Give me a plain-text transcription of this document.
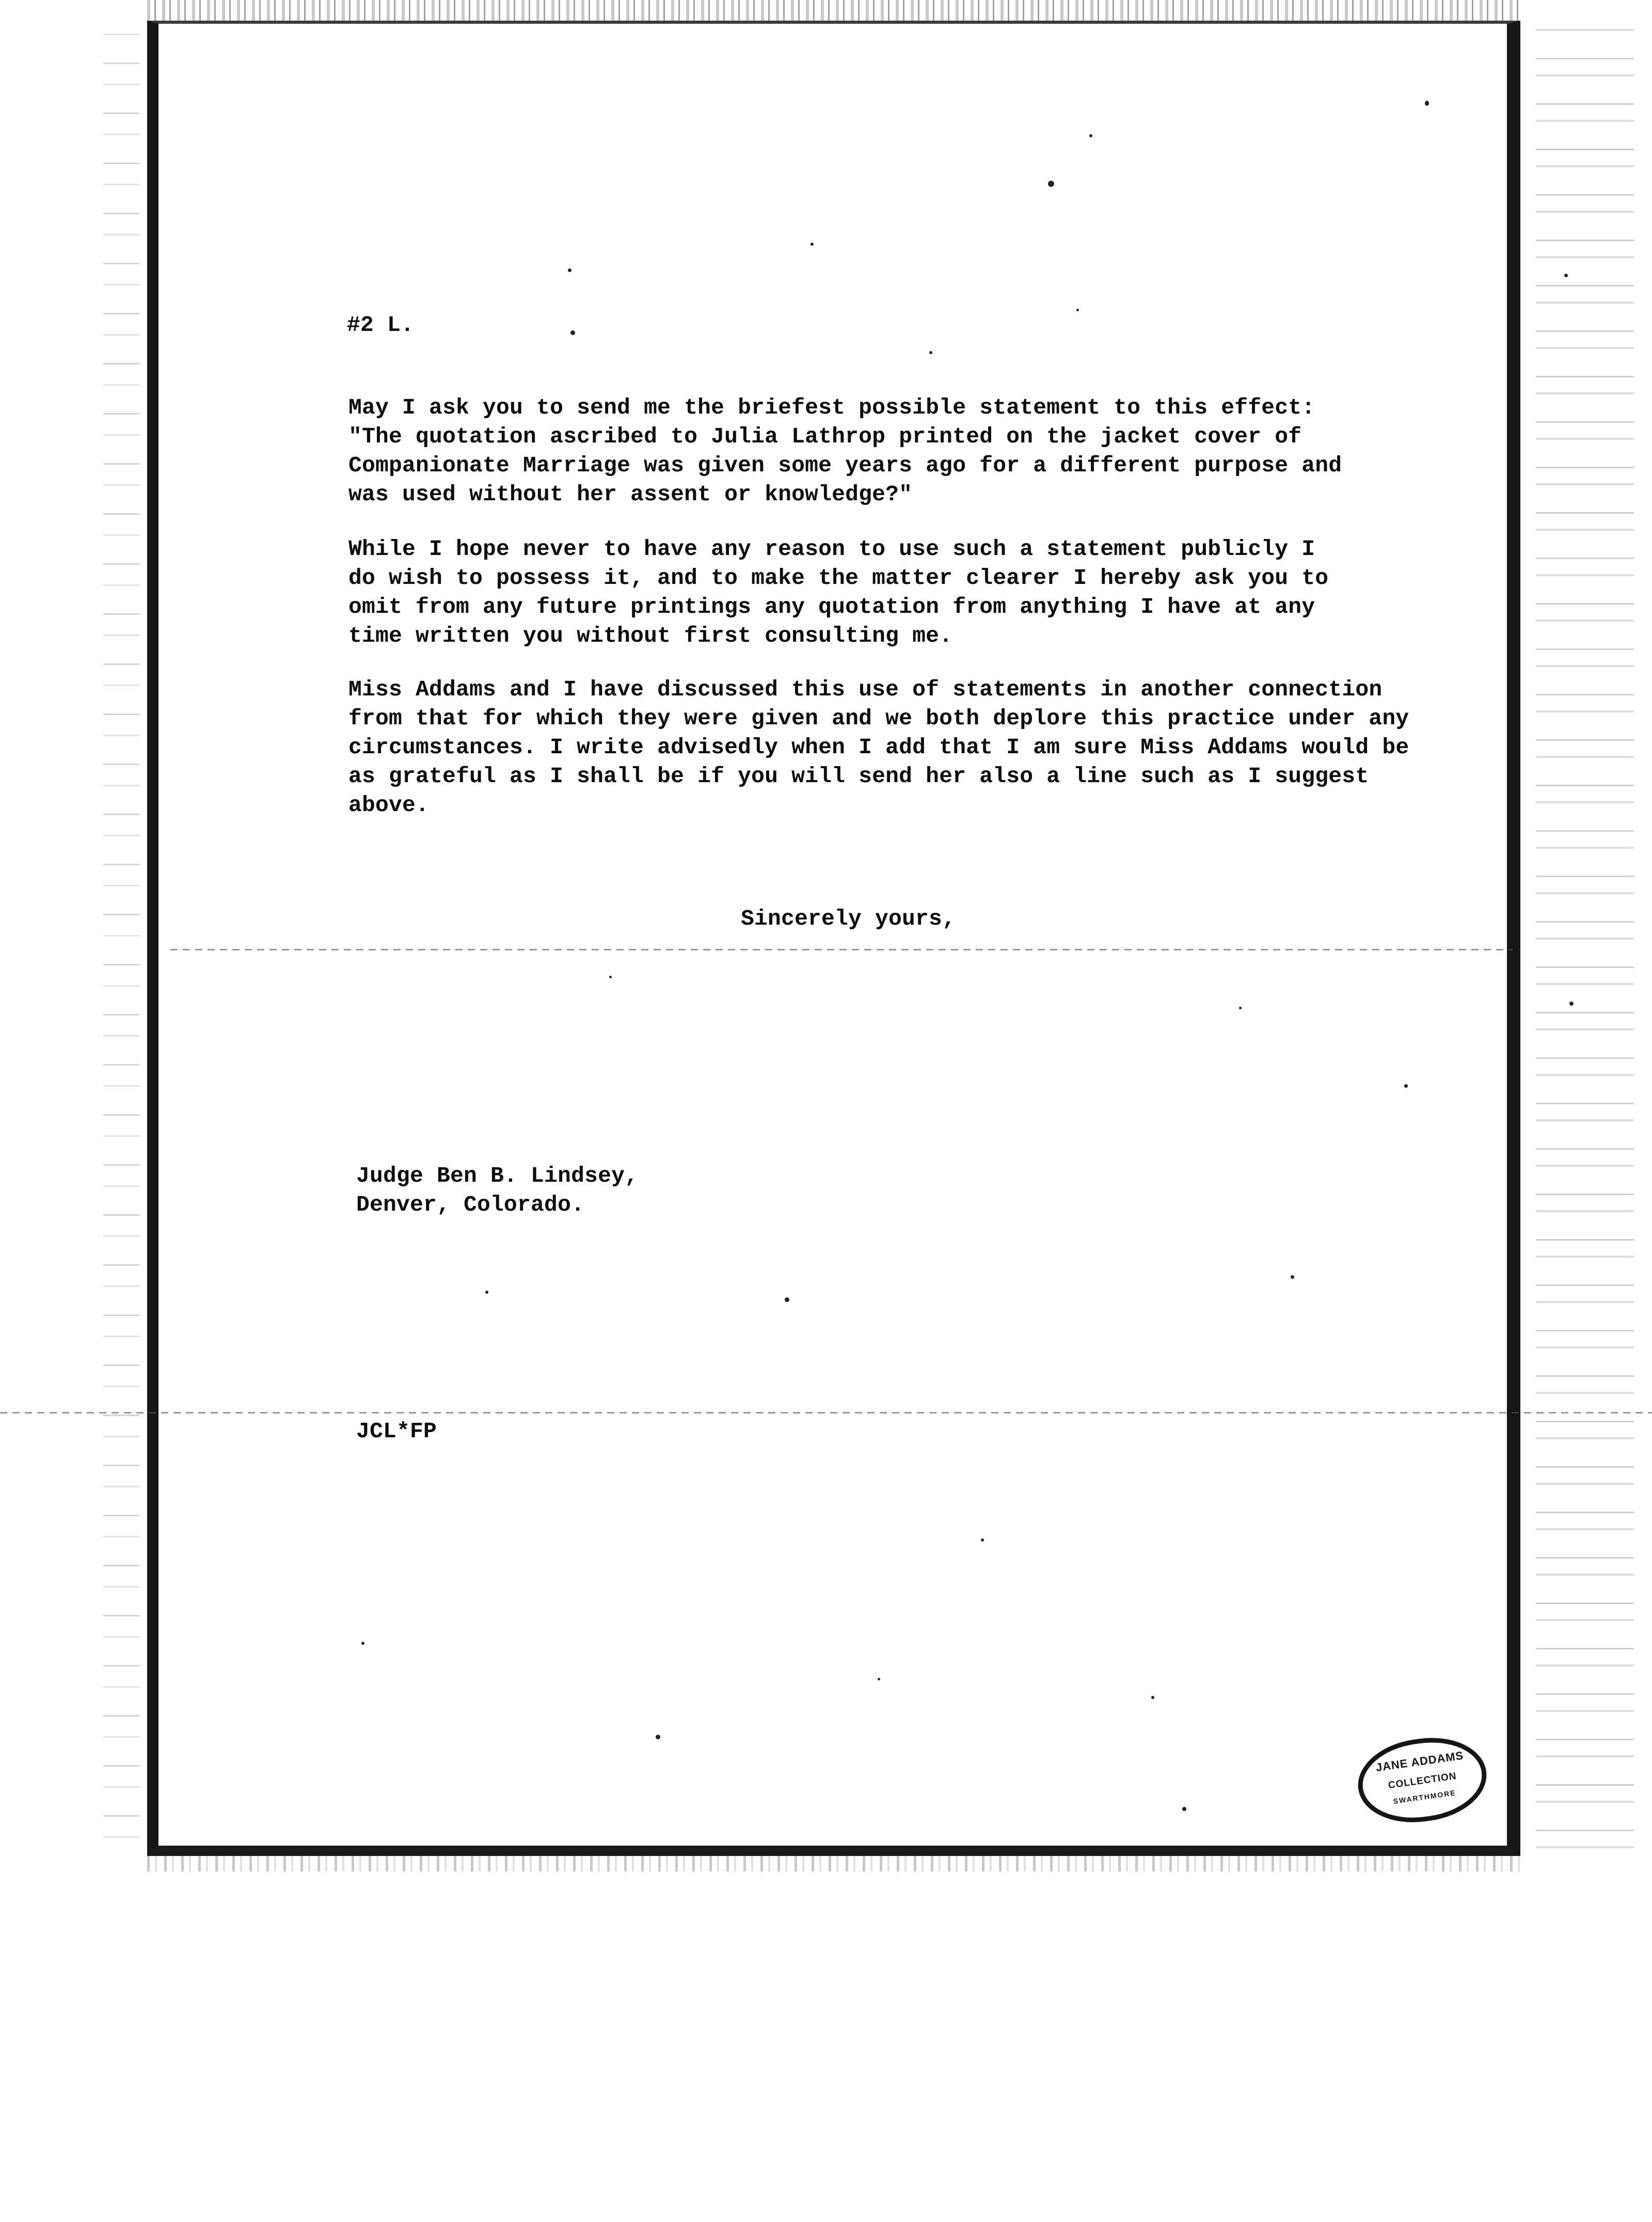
#2 L.

May I ask you to send me the briefest possible statement to this effect:
"The quotation ascribed to Julia Lathrop printed on the jacket cover of
Companionate Marriage was given some years ago for a different purpose and
was used without her assent or knowledge?"
While I hope never to have any reason to use such a statement publicly I
do wish to possess it, and to make the matter clearer I hereby ask you to
omit from any future printings any quotation from anything I have at any
time written you without first consulting me.
Miss Addams and I have discussed this use of statements in another connection
from that for which they were given and we both deplore this practice under any
circumstances. I write advisedly when I add that I am sure Miss Addams would be
as grateful as I shall be if you will send her also a line such as I suggest
above.

Sincerely yours,

Judge Ben B. Lindsey,
Denver, Colorado.

JCL*FP

JANE ADDAMS
COLLECTION
SWARTHMORE
